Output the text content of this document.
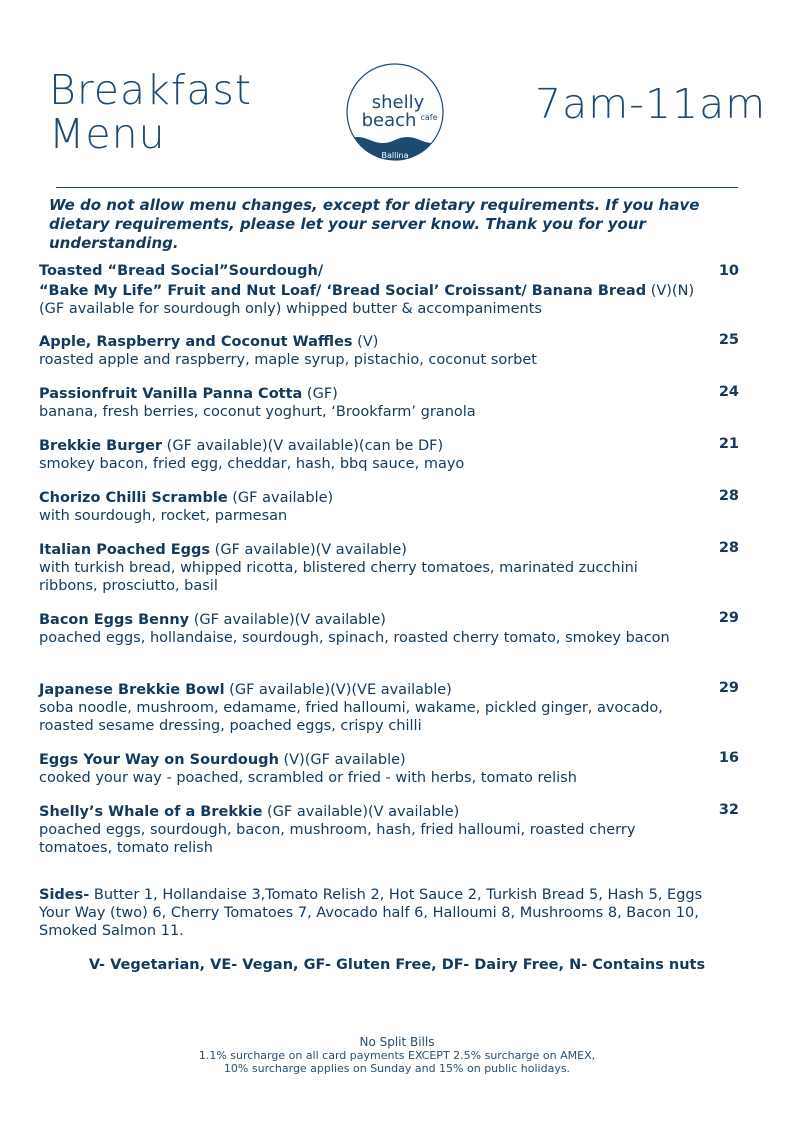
Breakfast
Menu
shelly
beach cafe
Ballina
7am-11am
We do not allow menu changes, except for dietary requirements. If you have dietary requirements, please let your server know. Thank you for your understanding.
Toasted “Bread Social”Sourdough/
“Bake My Life” Fruit and Nut Loaf/ ‘Bread Social’ Croissant/ Banana Bread (V)(N)
(GF available for sourdough only) whipped butter & accompaniments
10
Apple, Raspberry and Coconut Waffles (V)
roasted apple and raspberry, maple syrup, pistachio, coconut sorbet
25
Passionfruit Vanilla Panna Cotta (GF)
banana, fresh berries, coconut yoghurt, ‘Brookfarm’ granola
24
Brekkie Burger (GF available)(V available)(can be DF)
smokey bacon, fried egg, cheddar, hash, bbq sauce, mayo
21
Chorizo Chilli Scramble (GF available)
with sourdough, rocket, parmesan
28
Italian Poached Eggs (GF available)(V available)
with turkish bread, whipped ricotta, blistered cherry tomatoes, marinated zucchini ribbons, prosciutto, basil
28
Bacon Eggs Benny (GF available)(V available)
poached eggs, hollandaise, sourdough, spinach, roasted cherry tomato, smokey bacon
29
Japanese Brekkie Bowl (GF available)(V)(VE available)
soba noodle, mushroom, edamame, fried halloumi, wakame, pickled ginger, avocado, roasted sesame dressing, poached eggs, crispy chilli
29
Eggs Your Way on Sourdough (V)(GF available)
cooked your way - poached, scrambled or fried - with herbs, tomato relish
16
Shelly’s Whale of a Brekkie (GF available)(V available)
poached eggs, sourdough, bacon, mushroom, hash, fried halloumi, roasted cherry tomatoes, tomato relish
32
Sides- Butter 1, Hollandaise 3,Tomato Relish 2, Hot Sauce 2, Turkish Bread 5, Hash 5, Eggs Your Way (two) 6, Cherry Tomatoes 7, Avocado half 6, Halloumi 8, Mushrooms 8, Bacon 10, Smoked Salmon 11.
V- Vegetarian, VE- Vegan, GF- Gluten Free, DF- Dairy Free, N- Contains nuts
No Split Bills
1.1% surcharge on all card payments EXCEPT 2.5% surcharge on AMEX,
10% surcharge applies on Sunday and 15% on public holidays.
